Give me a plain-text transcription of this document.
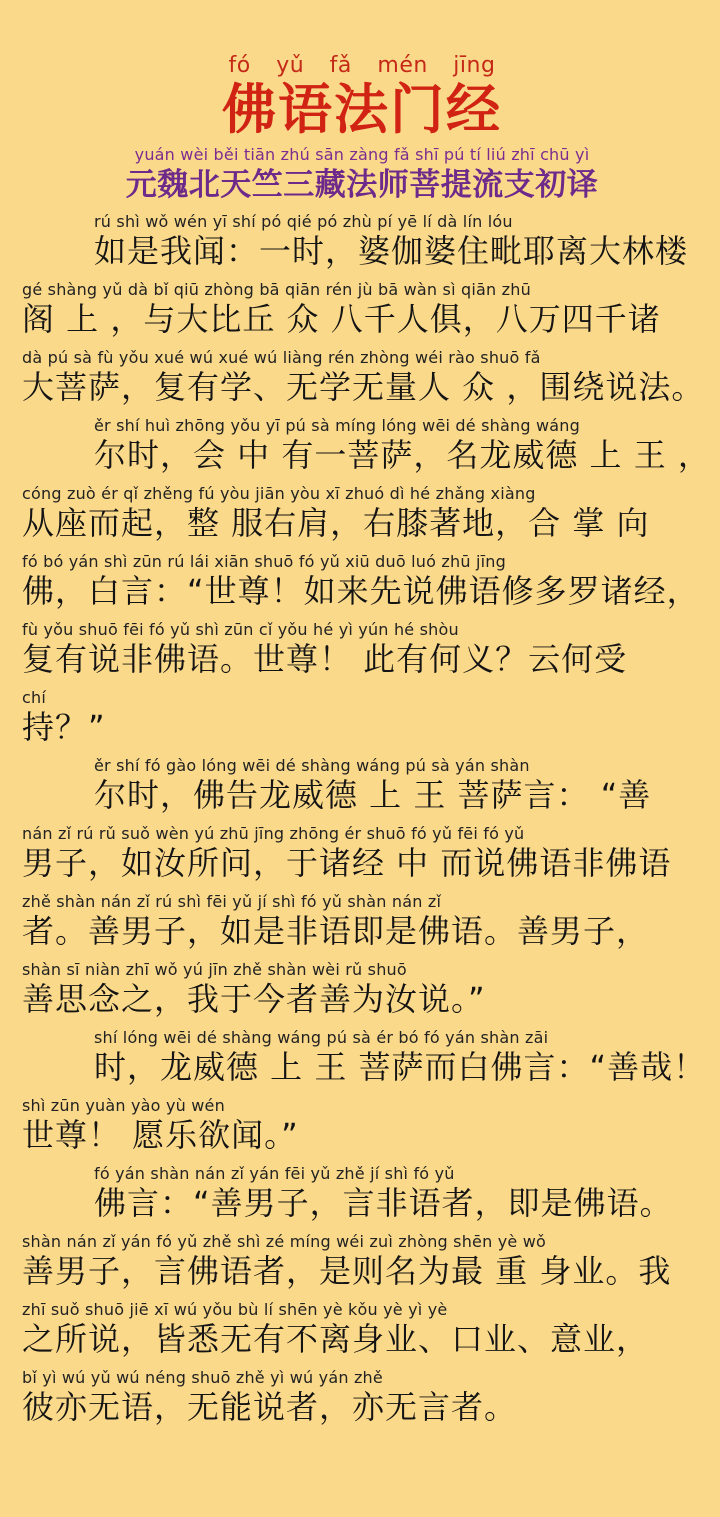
fó yǔ fǎ mén jīng
佛语法门经
yuán wèi běi tiān zhú sān zàng fǎ shī pú tí liú zhī chū yì
元魏北天竺三藏法师菩提流支初译
rú shì wǒ wén yī shí pó qié pó zhù pí yē lí dà lín lóu
如是我闻：一时，婆伽婆住毗耶离大林楼
gé shàng yǔ dà bǐ qiū zhòng bā qiān rén jù bā wàn sì qiān zhū
阁 上 ，与大比丘 众 八千人俱，八万四千诸
dà pú sà fù yǒu xué wú xué wú liàng rén zhòng wéi rào shuō fǎ
大菩萨，复有学、无学无量人 众 ，围绕说法。
ěr shí huì zhōng yǒu yī pú sà míng lóng wēi dé shàng wáng
尔时，会 中 有一菩萨，名龙威德 上 王 ，
cóng zuò ér qǐ zhěng fú yòu jiān yòu xī zhuó dì hé zhǎng xiàng
从座而起，整 服右肩，右膝著地，合 掌 向
fó bó yán shì zūn rú lái xiān shuō fó yǔ xiū duō luó zhū jīng
佛，白言：“世尊！如来先说佛语修多罗诸经，
fù yǒu shuō fēi fó yǔ shì zūn cǐ yǒu hé yì yún hé shòu
复有说非佛语。世尊！ 此有何义？云何受
chí
持？”
ěr shí fó gào lóng wēi dé shàng wáng pú sà yán shàn
尔时，佛告龙威德 上 王 菩萨言： “善
nán zǐ rú rǔ suǒ wèn yú zhū jīng zhōng ér shuō fó yǔ fēi fó yǔ
男子，如汝所问，于诸经 中 而说佛语非佛语
zhě shàn nán zǐ rú shì fēi yǔ jí shì fó yǔ shàn nán zǐ
者。善男子，如是非语即是佛语。善男子，
shàn sī niàn zhī wǒ yú jīn zhě shàn wèi rǔ shuō
善思念之，我于今者善为汝说。”
shí lóng wēi dé shàng wáng pú sà ér bó fó yán shàn zāi
时，龙威德 上 王 菩萨而白佛言：“善哉！
shì zūn yuàn yào yù wén
世尊！ 愿乐欲闻。”
fó yán shàn nán zǐ yán fēi yǔ zhě jí shì fó yǔ
佛言：“善男子，言非语者，即是佛语。
shàn nán zǐ yán fó yǔ zhě shì zé míng wéi zuì zhòng shēn yè wǒ
善男子，言佛语者，是则名为最 重 身业。我
zhī suǒ shuō jiē xī wú yǒu bù lí shēn yè kǒu yè yì yè
之所说，皆悉无有不离身业、口业、意业，
bǐ yì wú yǔ wú néng shuō zhě yì wú yán zhě
彼亦无语，无能说者，亦无言者。
